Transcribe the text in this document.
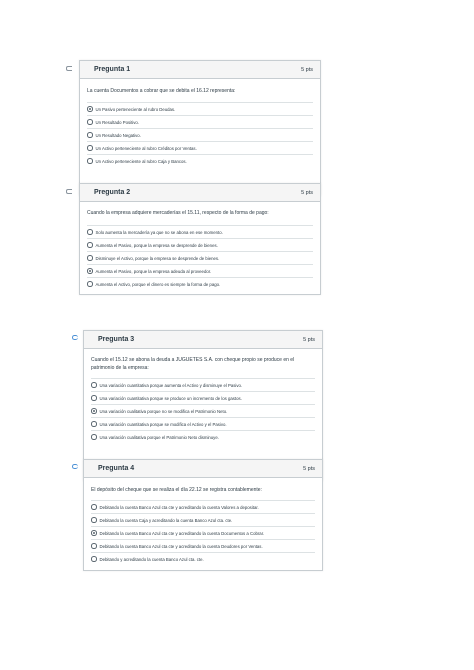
Pregunta 1	5 pts

La cuenta Documentos a cobrar que se debita el 16.12 representa:

Un Pasivo perteneciente al rubro Deudas.
Un Resultado Positivo.
Un Resultado Negativo.
Un Activo perteneciente al rubro Créditos por Ventas.
Un Activo perteneciente al rubro Caja y Bancos.
Pregunta 2	5 pts

Cuando la empresa adquiere mercaderías el 15.11, respecto de la forma de pago:

Solo aumenta la mercadería ya que no se abona en ese momento.
Aumenta el Pasivo, porque la empresa se desprende de bienes.
Disminuye el Activo, porque la empresa se desprende de bienes.
Aumenta el Pasivo, porque la empresa adeuda al proveedor.
Aumenta el Activo, porque el dinero es siempre la forma de pago.
Pregunta 3	5 pts

Cuando el 15.12 se abona la deuda a JUGUETES S.A. con cheque propio se produce en el
patrimonio de la empresa:

Una variación cuantitativa porque aumenta el Activo y disminuye el Pasivo.
Una variación cuantitativa porque se produce un incremento de los gastos.
Una variación cualitativa porque no se modifica el Patrimonio Neto.
Una variación cuantitativa porque se modifica el Activo y el Pasivo.
Una variación cualitativa porque el Patrimonio Neto disminuye.
Pregunta 4	5 pts

El depósito del cheque que se realiza el día 22.12 se registra contablemente:

Debitando la cuenta Banco Azul cta cte y acreditando la cuenta Valores a depositar.
Debitando la cuenta Caja y acreditando la cuenta Banco Azul cta. cte.
Debitando la cuenta Banco Azul cta cte y acreditando la cuenta Documentos a Cobrar.
Debitando la cuenta Banco Azul cta cte y acreditando la cuenta Deudores por Ventas.
Debitando y acreditando la cuenta Banco Azul cta. cte.
